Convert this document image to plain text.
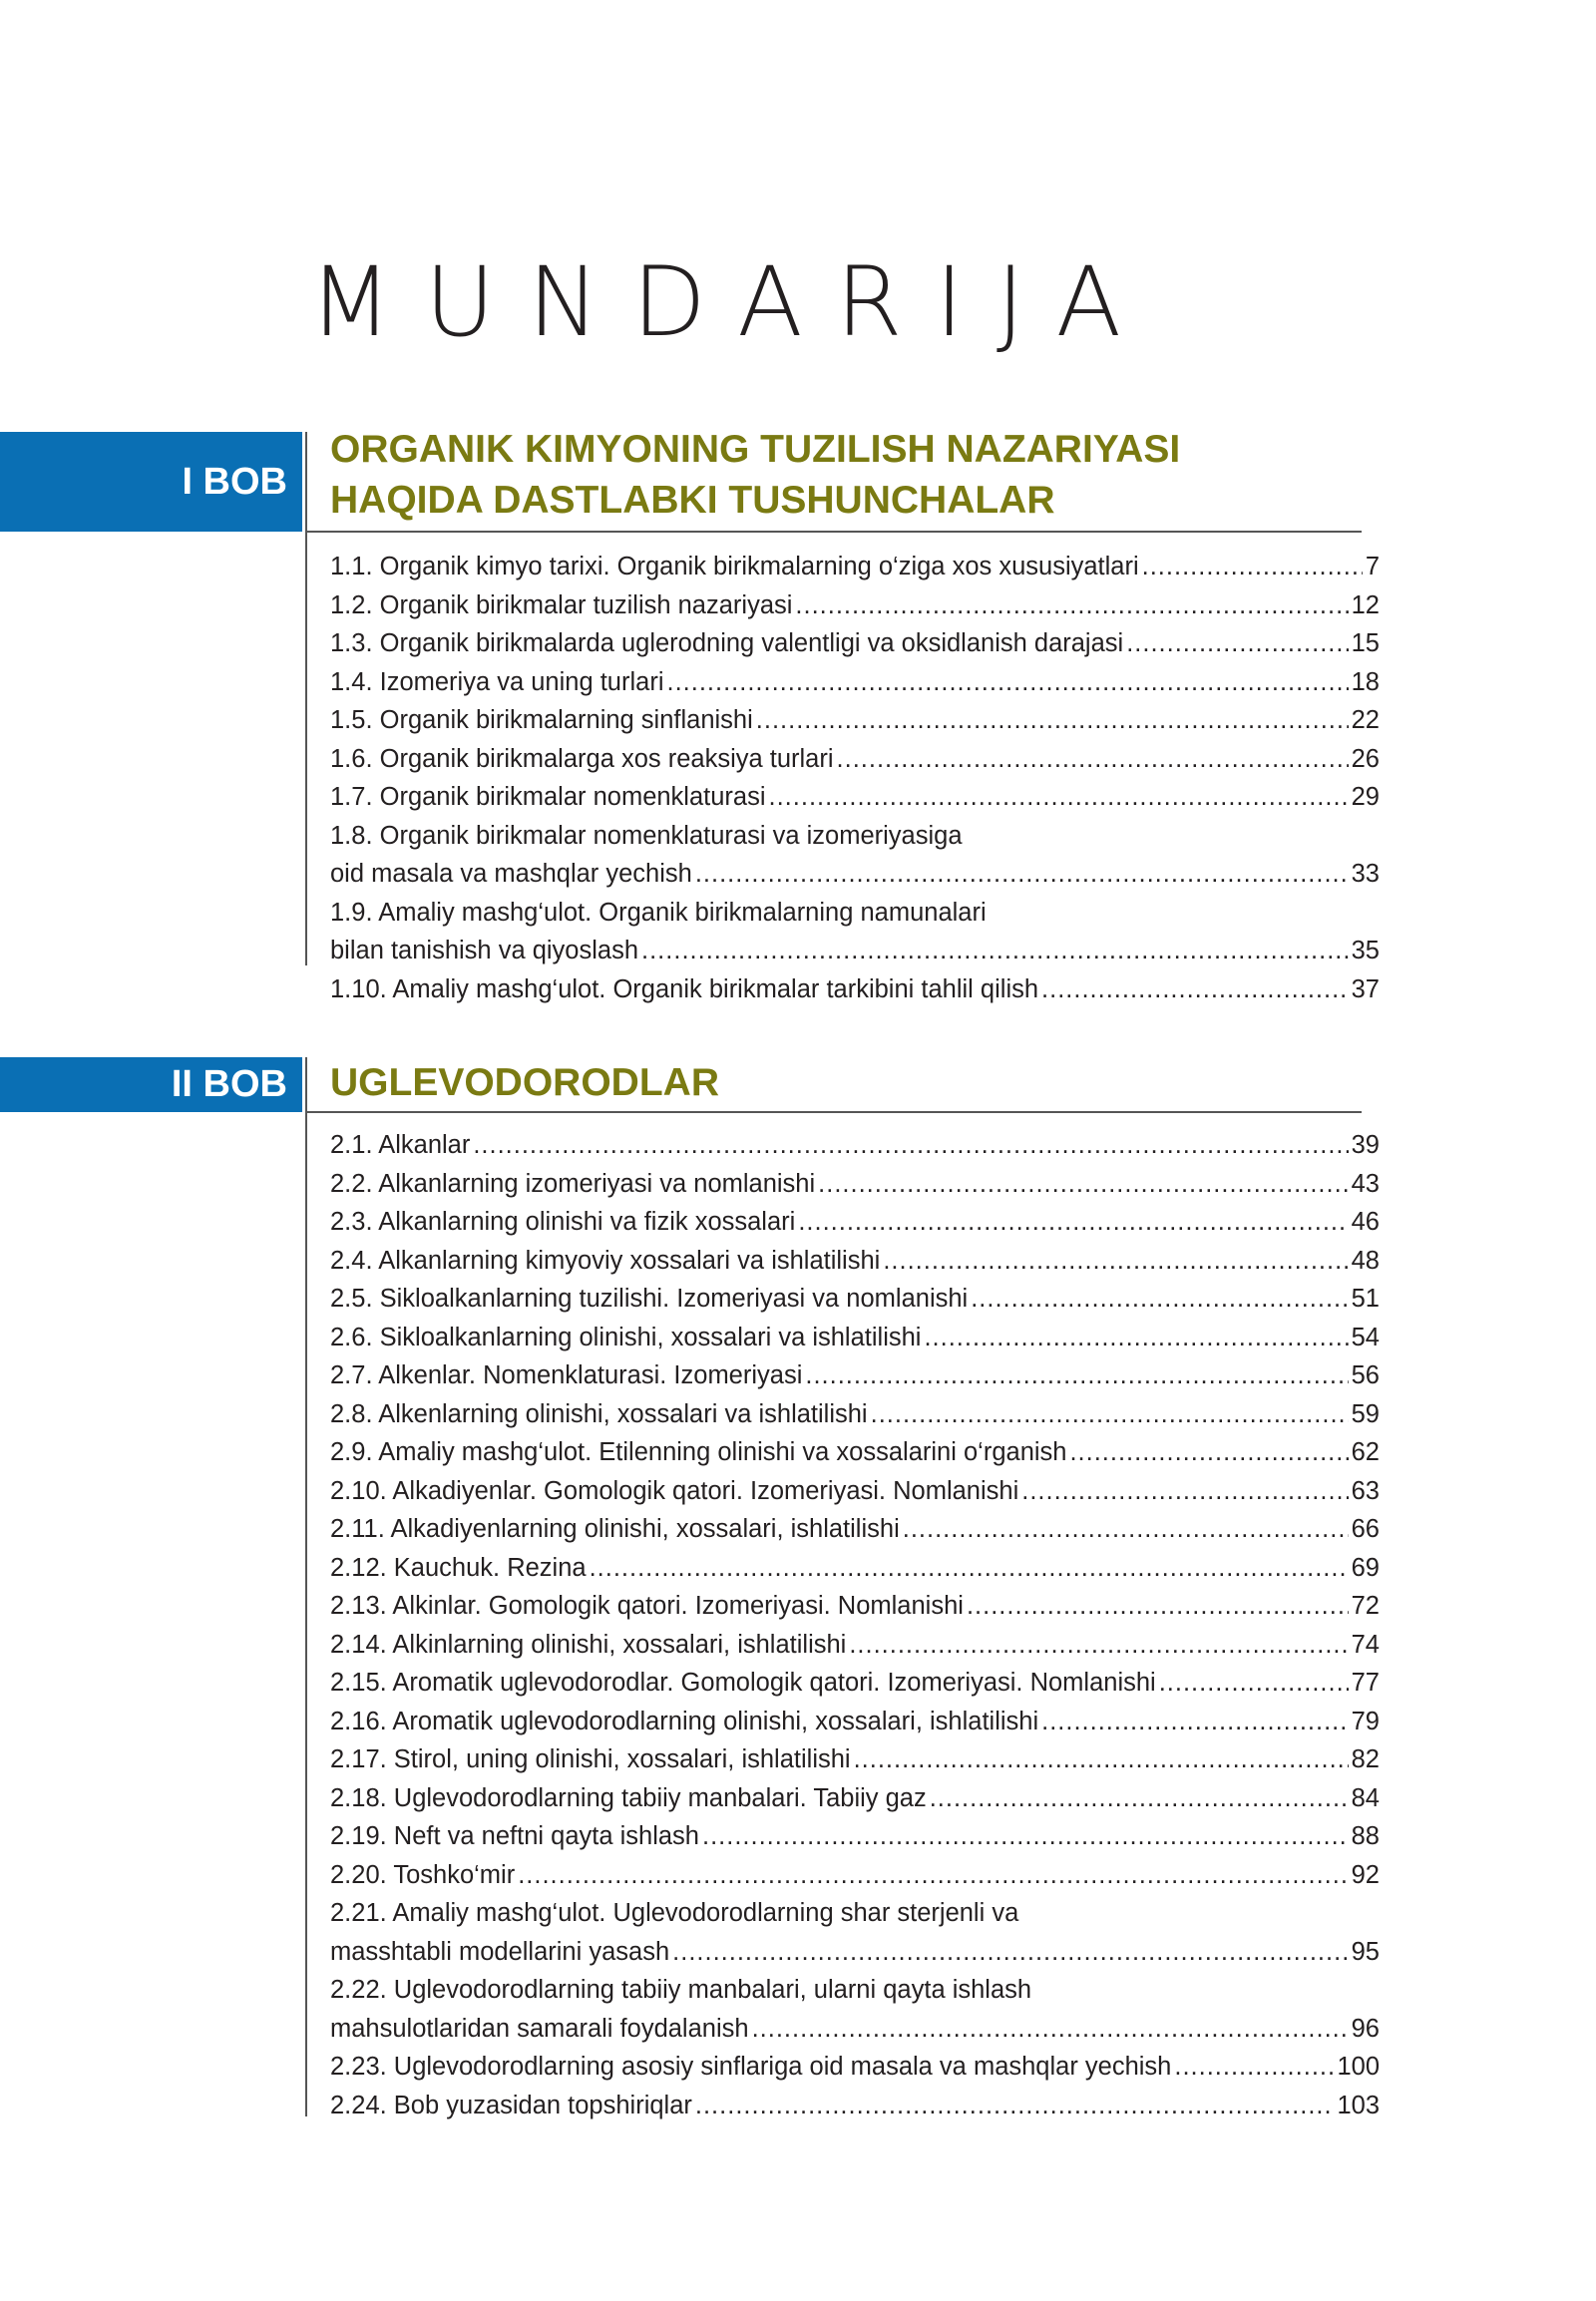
MUNDARIJA
I BOB
ORGANIK KIMYONING TUZILISH NAZARIYASI
HAQIDA DASTLABKI TUSHUNCHALAR
1.1. Organik kimyo tarixi. Organik birikmalarning o‘ziga xos xususiyatlari .....	7
1.2. Organik birikmalar tuzilish nazariyasi .....	12
1.3. Organik birikmalarda uglerodning valentligi va oksidlanish darajasi .....	15
1.4. Izomeriya va uning turlari .....	18
1.5. Organik birikmalarning sinflanishi .....	22
1.6. Organik birikmalarga xos reaksiya turlari .....	26
1.7. Organik birikmalar nomenklaturasi .....	29
1.8. Organik birikmalar nomenklaturasi va izomeriyasiga
oid masala va mashqlar yechish .....	33
1.9. Amaliy mashg‘ulot. Organik birikmalarning namunalari
bilan tanishish va qiyoslash .....	35
1.10. Amaliy mashg‘ulot. Organik birikmalar tarkibini tahlil qilish .....	37
II BOB	UGLEVODORODLAR
2.1. Alkanlar .....	39
2.2. Alkanlarning izomeriyasi va nomlanishi .....	43
2.3. Alkanlarning olinishi va fizik xossalari .....	46
2.4. Alkanlarning kimyoviy xossalari va ishlatilishi .....	48
2.5. Sikloalkanlarning tuzilishi. Izomeriyasi va nomlanishi .....	51
2.6. Sikloalkanlarning olinishi, xossalari va ishlatilishi .....	54
2.7. Alkenlar. Nomenklaturasi. Izomeriyasi .....	56
2.8. Alkenlarning olinishi, xossalari va ishlatilishi .....	59
2.9. Amaliy mashg‘ulot. Etilenning olinishi va xossalarini o‘rganish .....	62
2.10. Alkadiyenlar. Gomologik qatori. Izomeriyasi. Nomlanishi .....	63
2.11. Alkadiyenlarning olinishi, xossalari, ishlatilishi .....	66
2.12. Kauchuk. Rezina .....	69
2.13. Alkinlar. Gomologik qatori. Izomeriyasi. Nomlanishi .....	72
2.14. Alkinlarning olinishi, xossalari, ishlatilishi .....	74
2.15. Aromatik uglevodorodlar. Gomologik qatori. Izomeriyasi. Nomlanishi .....	77
2.16. Aromatik uglevodorodlarning olinishi, xossalari, ishlatilishi .....	79
2.17. Stirol, uning olinishi, xossalari, ishlatilishi .....	82
2.18. Uglevodorodlarning tabiiy manbalari. Tabiiy gaz .....	84
2.19. Neft va neftni qayta ishlash .....	88
2.20. Toshko‘mir .....	92
2.21. Amaliy mashg‘ulot. Uglevodorodlarning shar sterjenli va
masshtabli modellarini yasash .....	95
2.22. Uglevodorodlarning tabiiy manbalari, ularni qayta ishlash
mahsulotlaridan samarali foydalanish .....	96
2.23. Uglevodorodlarning asosiy sinflariga oid masala va mashqlar yechish .....	100
2.24. Bob yuzasidan topshiriqlar .....	103
